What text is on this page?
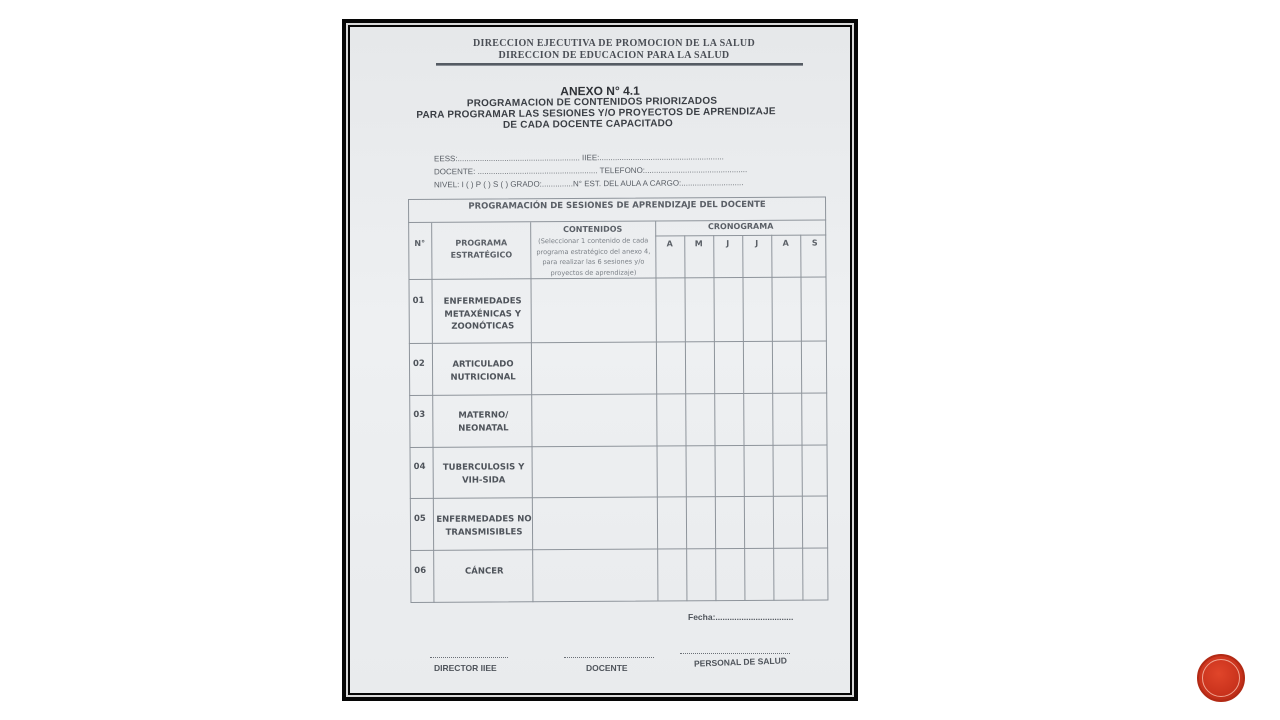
DIRECCION EJECUTIVA DE PROMOCION DE LA SALUD
DIRECCION DE EDUCACION PARA LA SALUD
ANEXO N° 4.1
PROGRAMACION DE CONTENIDOS PRIORIZADOS
PARA PROGRAMAR LAS SESIONES Y/O PROYECTOS DE APRENDIZAJE
DE CADA DOCENTE CAPACITADO
EESS:....................................................... IIEE:........................................................
DOCENTE: ...................................................... TELEFONO:..............................................
NIVEL: I ( ) P ( ) S ( ) GRADO:..............N° EST. DEL AULA A CARGO:............................
PROGRAMACIÓN DE SESIONES DE APRENDIZAJE DEL DOCENTE
N°	PROGRAMA ESTRATÉGICO
CONTENIDOS
(Seleccionar 1 contenido de cada programa estratégico del anexo 4, para realizar las 6 sesiones y/o proyectos de aprendizaje)
CRONOGRAMA
A	M	J	J	A	S
01	ENFERMEDADES METAXÉNICAS Y ZOONÓTICAS
02	ARTICULADO NUTRICIONAL
03	MATERNO/ NEONATAL
04	TUBERCULOSIS Y VIH-SIDA
05	ENFERMEDADES NO TRANSMISIBLES
06	CÁNCER
Fecha:.................................
DIRECTOR IIEE	DOCENTE	PERSONAL DE SALUD
